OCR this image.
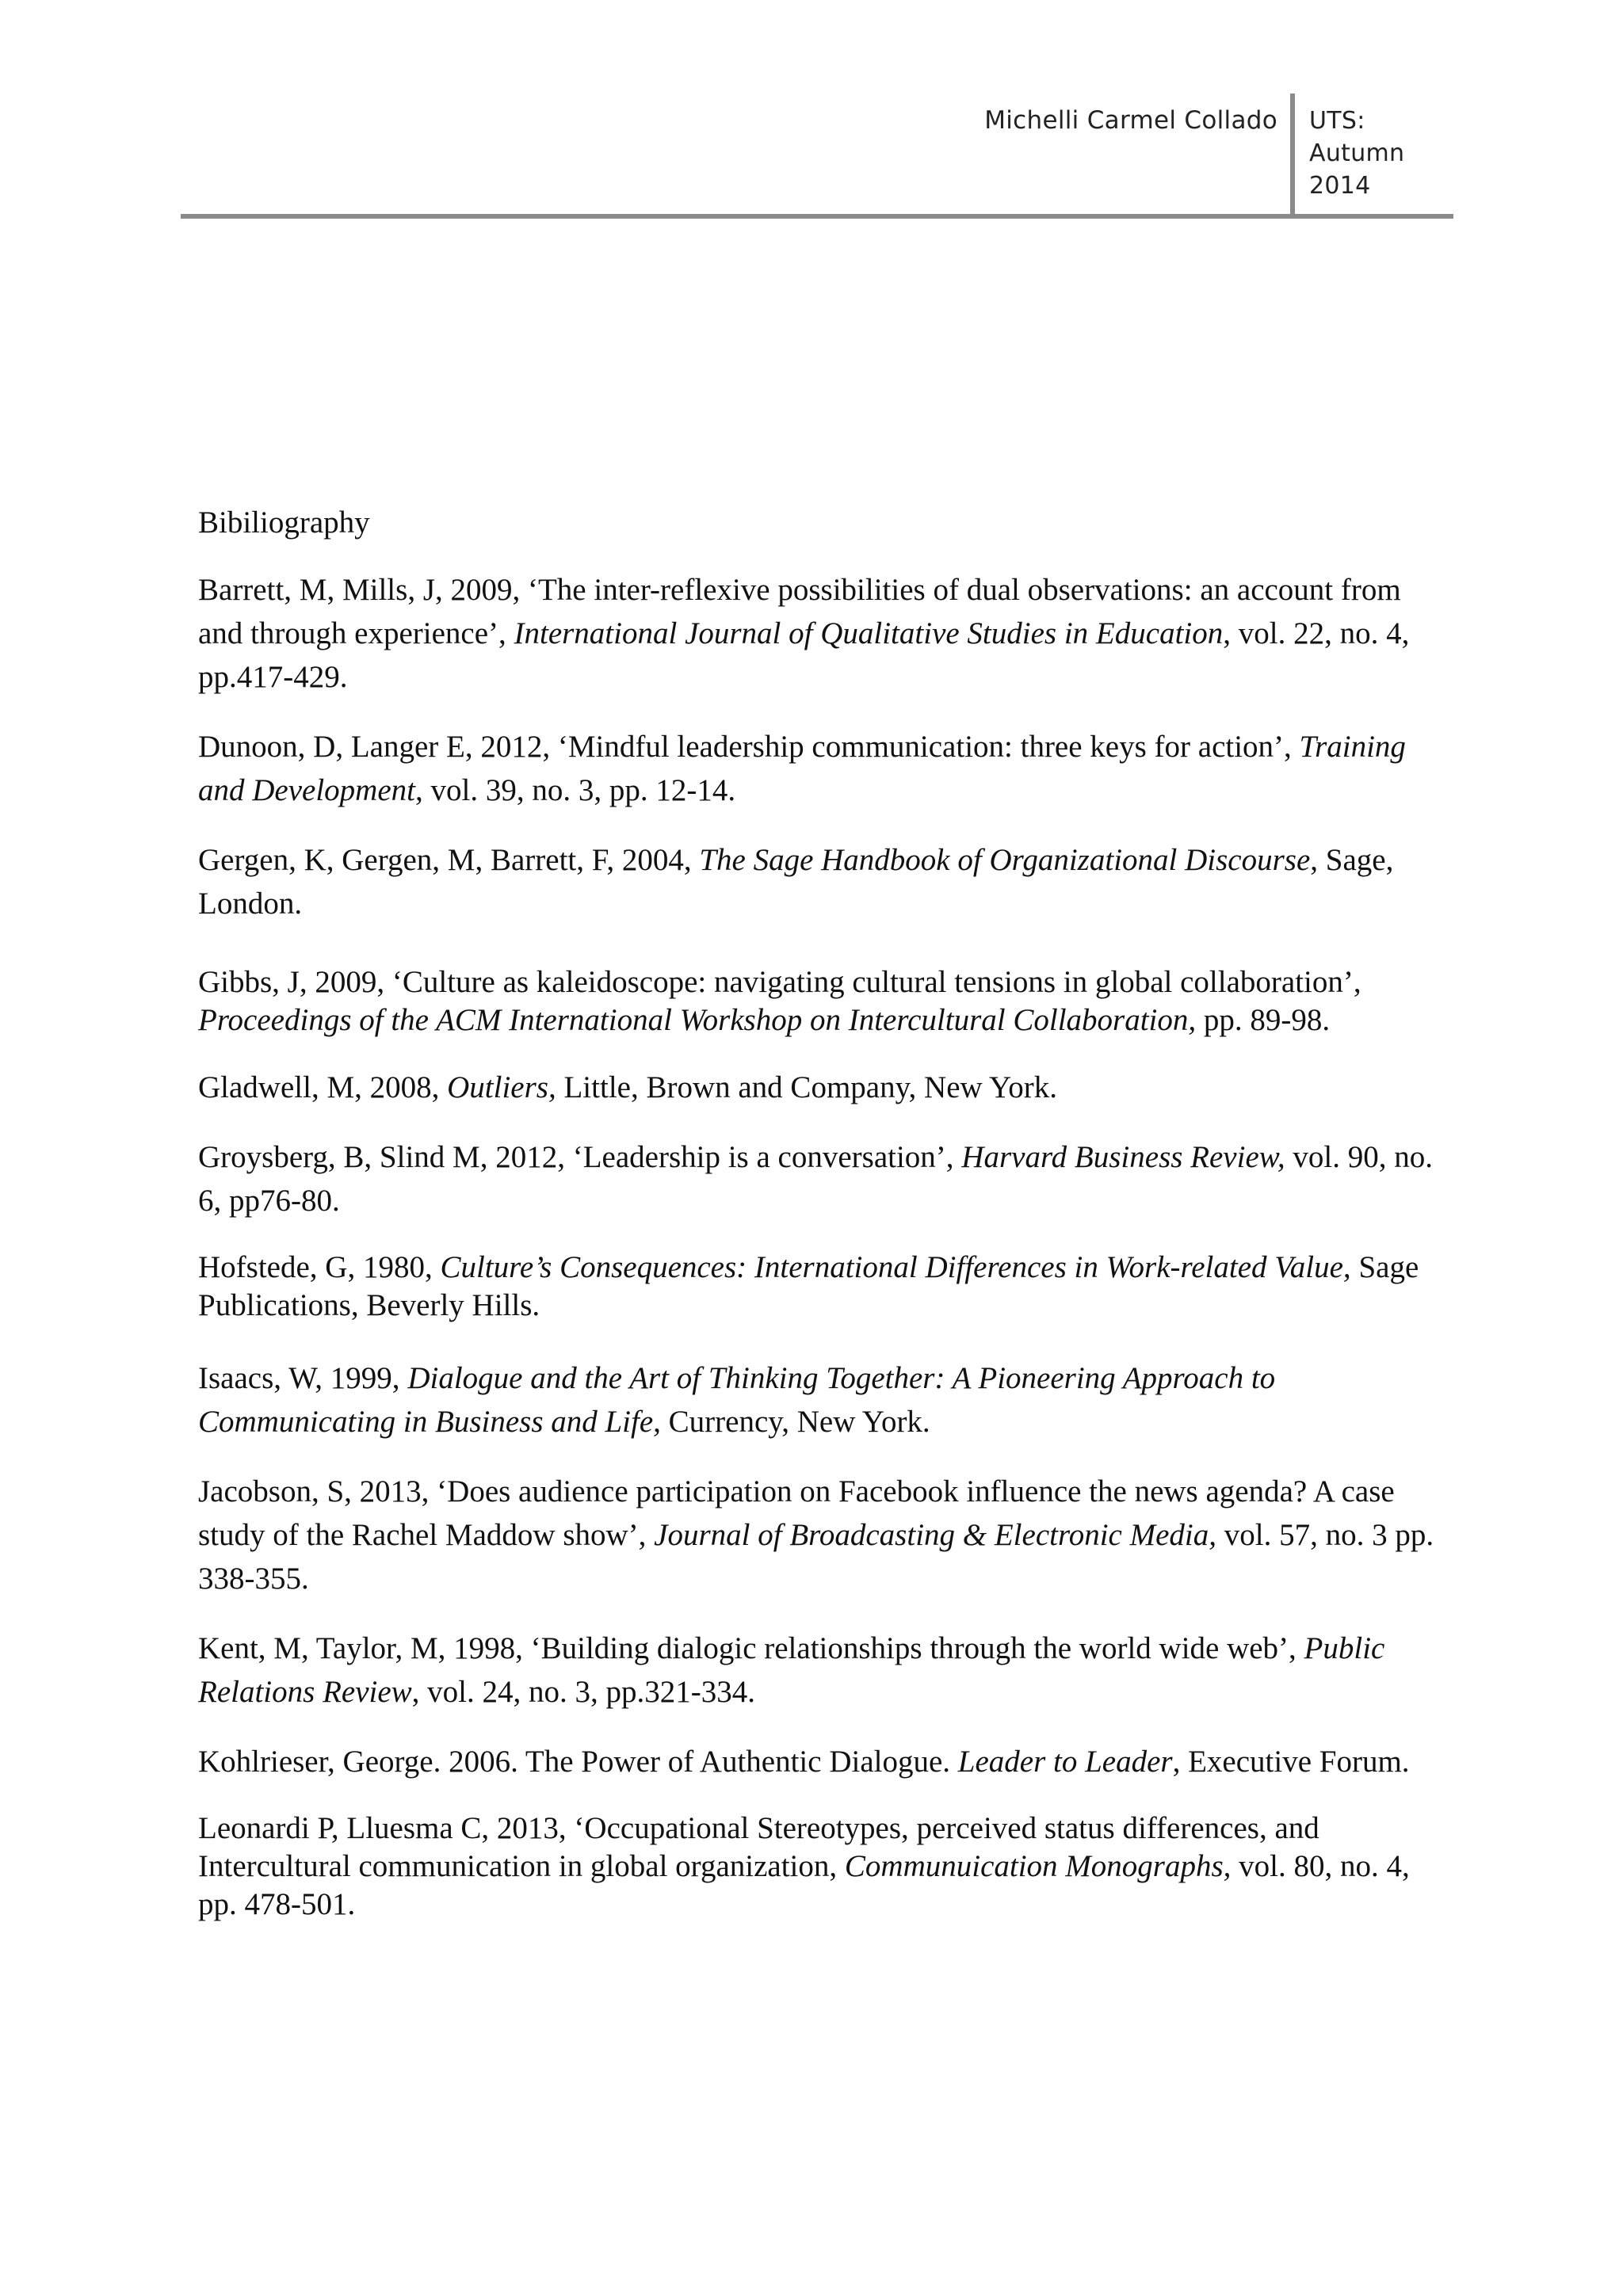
Michelli Carmel Collado UTS:
Autumn
2014

Bibiliography

Barrett, M, Mills, J, 2009, ‘The inter-reflexive possibilities of dual observations: an account from and through experience’, International Journal of Qualitative Studies in Education, vol. 22, no. 4, pp.417-429.

Dunoon, D, Langer E, 2012, ‘Mindful leadership communication: three keys for action’, Training and Development, vol. 39, no. 3, pp. 12-14.

Gergen, K, Gergen, M, Barrett, F, 2004, The Sage Handbook of Organizational Discourse, Sage, London.

Gibbs, J, 2009, ‘Culture as kaleidoscope: navigating cultural tensions in global collaboration’, Proceedings of the ACM International Workshop on Intercultural Collaboration, pp. 89-98.

Gladwell, M, 2008, Outliers, Little, Brown and Company, New York.

Groysberg, B, Slind M, 2012, ‘Leadership is a conversation’, Harvard Business Review, vol. 90, no. 6, pp76-80.

Hofstede, G, 1980, Culture’s Consequences: International Differences in Work-related Value, Sage Publications, Beverly Hills.

Isaacs, W, 1999, Dialogue and the Art of Thinking Together: A Pioneering Approach to Communicating in Business and Life, Currency, New York.

Jacobson, S, 2013, ‘Does audience participation on Facebook influence the news agenda? A case study of the Rachel Maddow show’, Journal of Broadcasting & Electronic Media, vol. 57, no. 3 pp. 338-355.

Kent, M, Taylor, M, 1998, ‘Building dialogic relationships through the world wide web’, Public Relations Review, vol. 24, no. 3, pp.321-334.

Kohlrieser, George. 2006. The Power of Authentic Dialogue. Leader to Leader, Executive Forum.

Leonardi P, Lluesma C, 2013, ‘Occupational Stereotypes, perceived status differences, and Intercultural communication in global organization, Communuication Monographs, vol. 80, no. 4, pp. 478-501.
